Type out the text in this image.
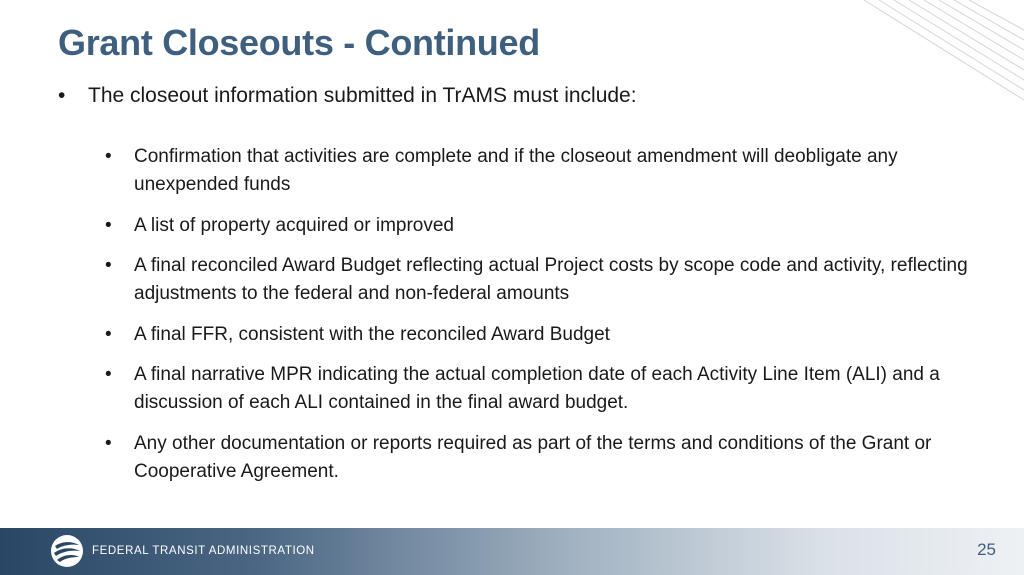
Grant Closeouts - Continued
•	The closeout information submitted in TrAMS must include:
•	Confirmation that activities are complete and if the closeout amendment will deobligate any unexpended funds
•	A list of property acquired or improved
•	A final reconciled Award Budget reflecting actual Project costs by scope code and activity, reflecting adjustments to the federal and non-federal amounts
•	A final FFR, consistent with the reconciled Award Budget
•	A final narrative MPR indicating the actual completion date of each Activity Line Item (ALI) and a discussion of each ALI contained in the final award budget.
•	Any other documentation or reports required as part of the terms and conditions of the Grant or Cooperative Agreement.
FEDERAL TRANSIT ADMINISTRATION	25
